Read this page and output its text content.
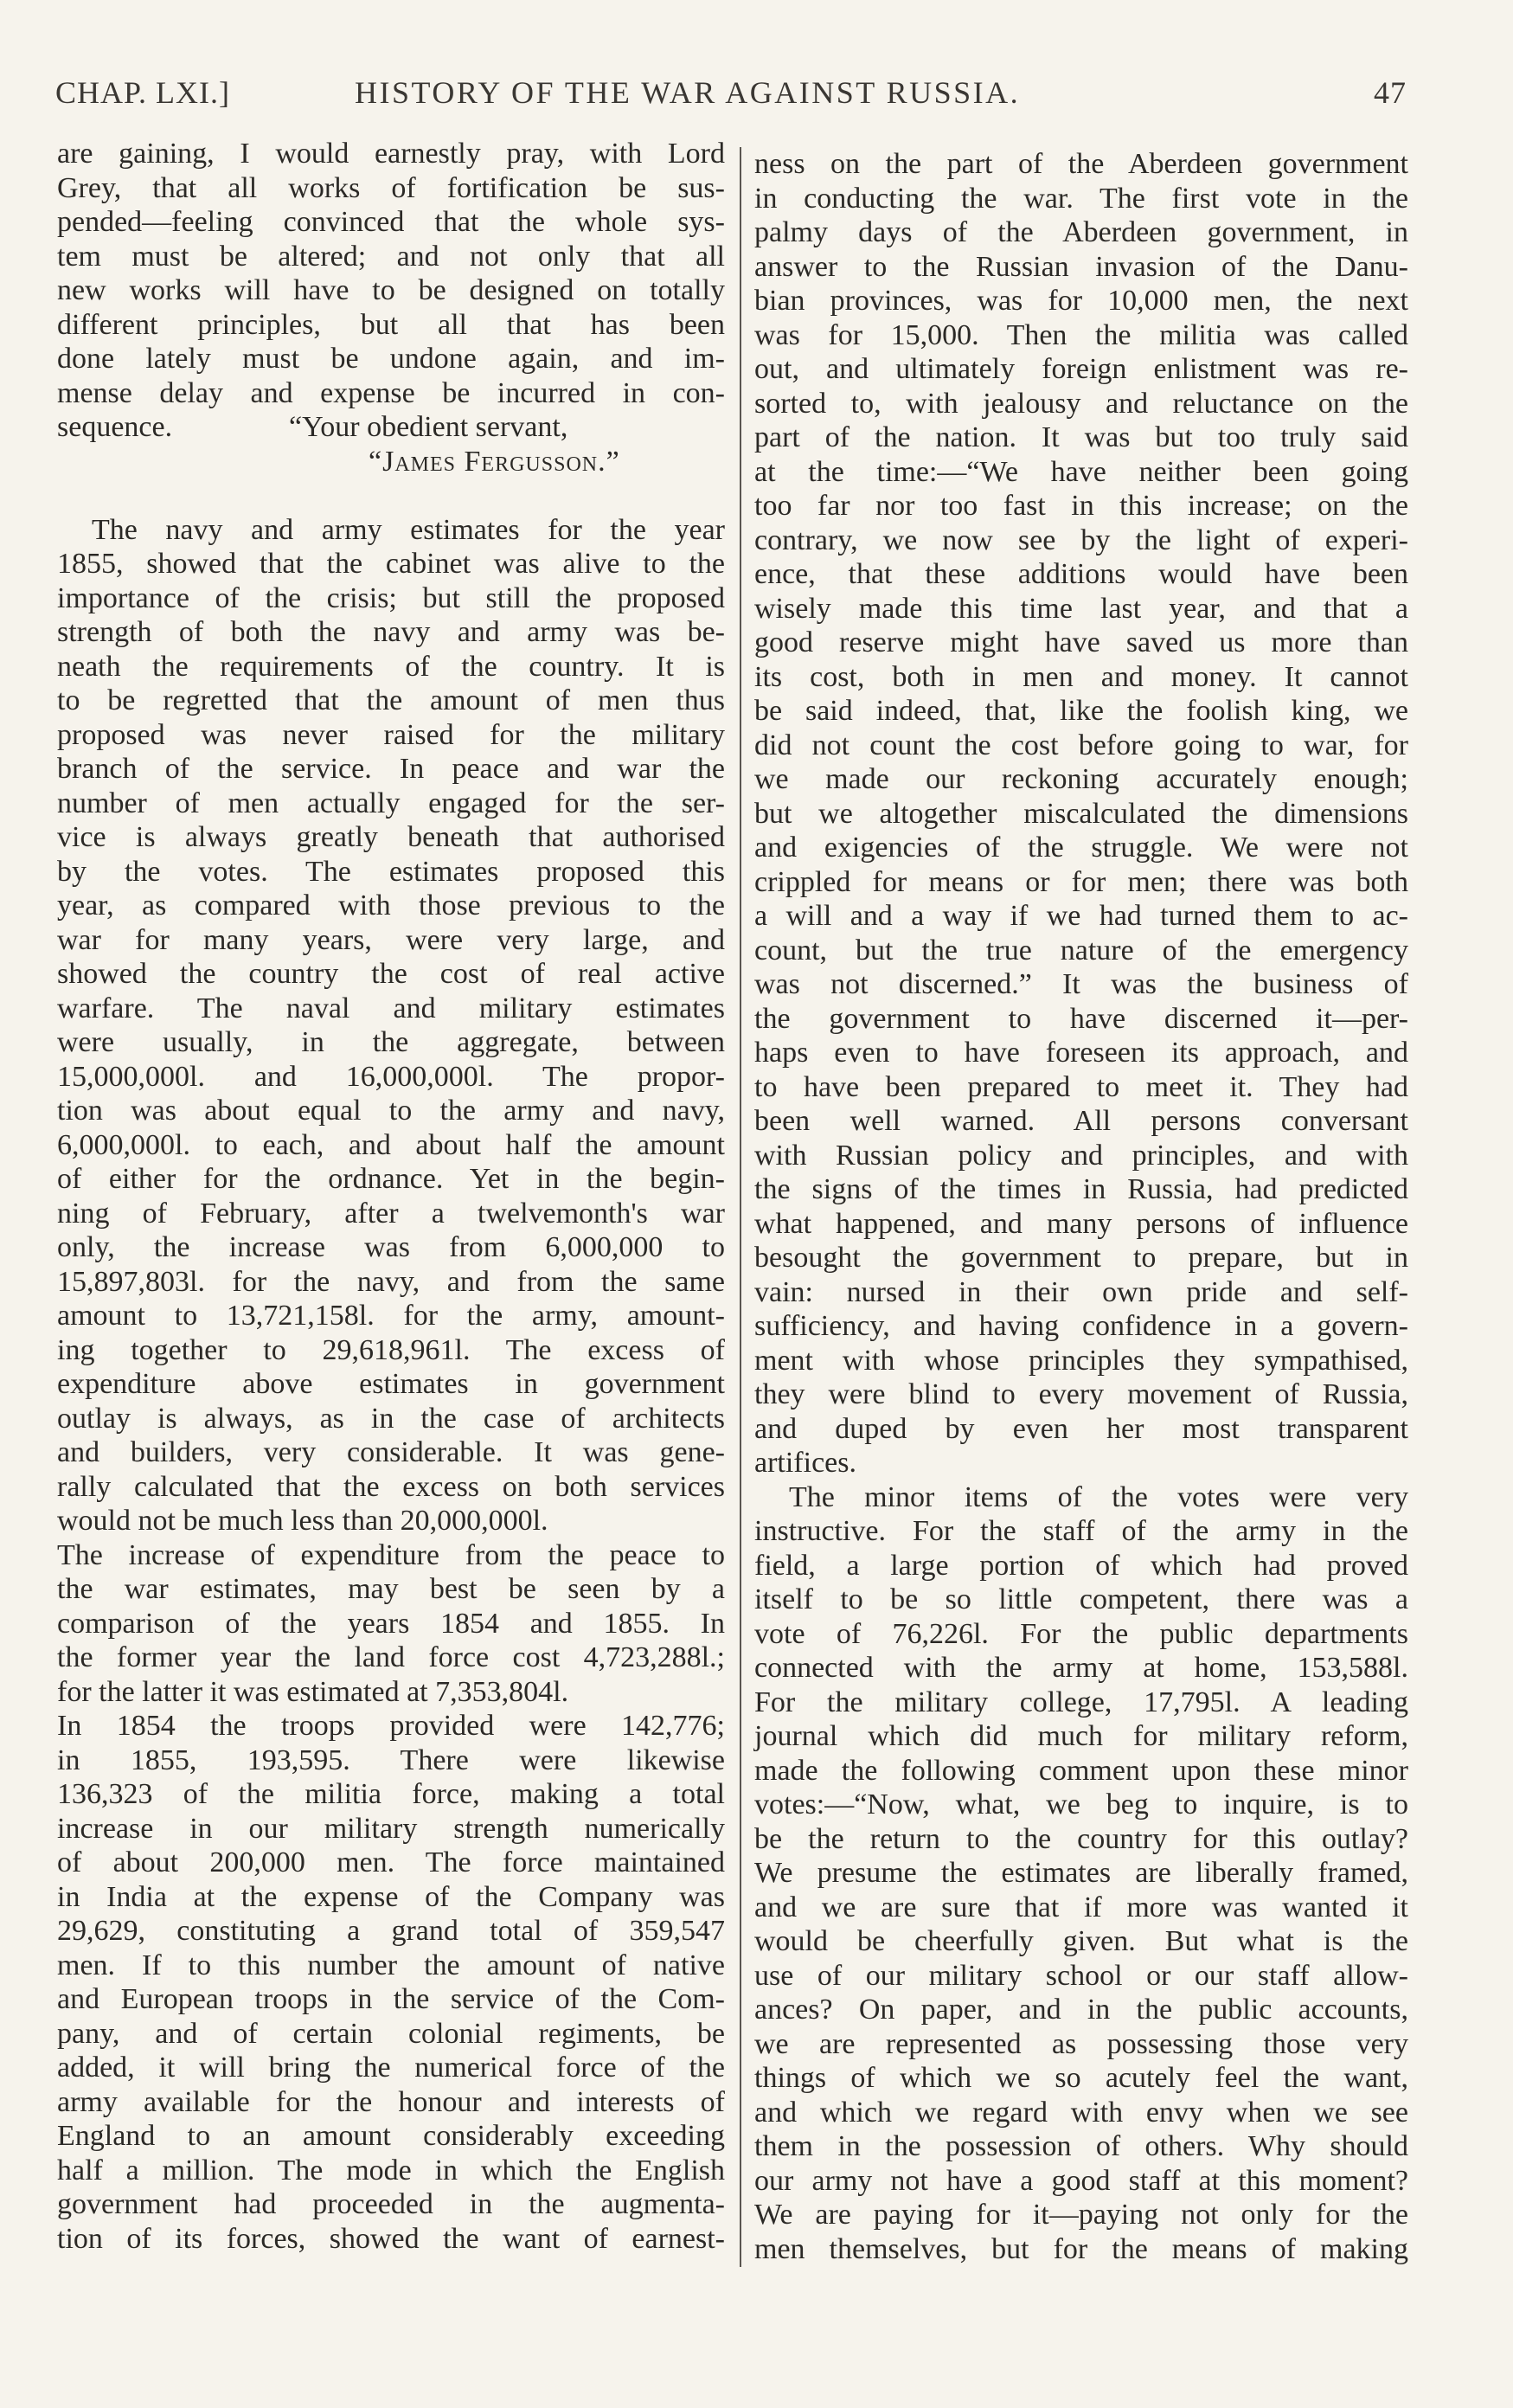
CHAP. LXI.]	HISTORY OF THE WAR AGAINST RUSSIA.	47
are gaining, I would earnestly pray, with Lord
Grey, that all works of fortification be sus-
pended—feeling convinced that the whole sys-
tem must be altered; and not only that all
new works will have to be designed on totally
different principles, but all that has been
done lately must be undone again, and im-
mense delay and expense be incurred in con-
sequence.	“Your obedient servant,
“James Fergusson.”
The navy and army estimates for the year
1855, showed that the cabinet was alive to the
importance of the crisis; but still the proposed
strength of both the navy and army was be-
neath the requirements of the country. It is
to be regretted that the amount of men thus
proposed was never raised for the military
branch of the service. In peace and war the
number of men actually engaged for the ser-
vice is always greatly beneath that authorised
by the votes. The estimates proposed this
year, as compared with those previous to the
war for many years, were very large, and
showed the country the cost of real active
warfare. The naval and military estimates
were usually, in the aggregate, between
15,000,000l. and 16,000,000l. The propor-
tion was about equal to the army and navy,
6,000,000l. to each, and about half the amount
of either for the ordnance. Yet in the begin-
ning of February, after a twelvemonth's war
only, the increase was from 6,000,000 to
15,897,803l. for the navy, and from the same
amount to 13,721,158l. for the army, amount-
ing together to 29,618,961l. The excess of
expenditure above estimates in government
outlay is always, as in the case of architects
and builders, very considerable. It was gene-
rally calculated that the excess on both services
would not be much less than 20,000,000l.
The increase of expenditure from the peace to
the war estimates, may best be seen by a
comparison of the years 1854 and 1855. In
the former year the land force cost 4,723,288l.;
for the latter it was estimated at 7,353,804l.
In 1854 the troops provided were 142,776;
in 1855, 193,595. There were likewise
136,323 of the militia force, making a total
increase in our military strength numerically
of about 200,000 men. The force maintained
in India at the expense of the Company was
29,629, constituting a grand total of 359,547
men. If to this number the amount of native
and European troops in the service of the Com-
pany, and of certain colonial regiments, be
added, it will bring the numerical force of the
army available for the honour and interests of
England to an amount considerably exceeding
half a million. The mode in which the English
government had proceeded in the augmenta-
tion of its forces, showed the want of earnest-
ness on the part of the Aberdeen government
in conducting the war. The first vote in the
palmy days of the Aberdeen government, in
answer to the Russian invasion of the Danu-
bian provinces, was for 10,000 men, the next
was for 15,000. Then the militia was called
out, and ultimately foreign enlistment was re-
sorted to, with jealousy and reluctance on the
part of the nation. It was but too truly said
at the time:—“We have neither been going
too far nor too fast in this increase; on the
contrary, we now see by the light of experi-
ence, that these additions would have been
wisely made this time last year, and that a
good reserve might have saved us more than
its cost, both in men and money. It cannot
be said indeed, that, like the foolish king, we
did not count the cost before going to war, for
we made our reckoning accurately enough;
but we altogether miscalculated the dimensions
and exigencies of the struggle. We were not
crippled for means or for men; there was both
a will and a way if we had turned them to ac-
count, but the true nature of the emergency
was not discerned.” It was the business of
the government to have discerned it—per-
haps even to have foreseen its approach, and
to have been prepared to meet it. They had
been well warned. All persons conversant
with Russian policy and principles, and with
the signs of the times in Russia, had predicted
what happened, and many persons of influence
besought the government to prepare, but in
vain: nursed in their own pride and self-
sufficiency, and having confidence in a govern-
ment with whose principles they sympathised,
they were blind to every movement of Russia,
and duped by even her most transparent
artifices.
The minor items of the votes were very
instructive. For the staff of the army in the
field, a large portion of which had proved
itself to be so little competent, there was a
vote of 76,226l. For the public departments
connected with the army at home, 153,588l.
For the military college, 17,795l. A leading
journal which did much for military reform,
made the following comment upon these minor
votes:—“Now, what, we beg to inquire, is to
be the return to the country for this outlay?
We presume the estimates are liberally framed,
and we are sure that if more was wanted it
would be cheerfully given. But what is the
use of our military school or our staff allow-
ances? On paper, and in the public accounts,
we are represented as possessing those very
things of which we so acutely feel the want,
and which we regard with envy when we see
them in the possession of others. Why should
our army not have a good staff at this moment?
We are paying for it—paying not only for the
men themselves, but for the means of making
